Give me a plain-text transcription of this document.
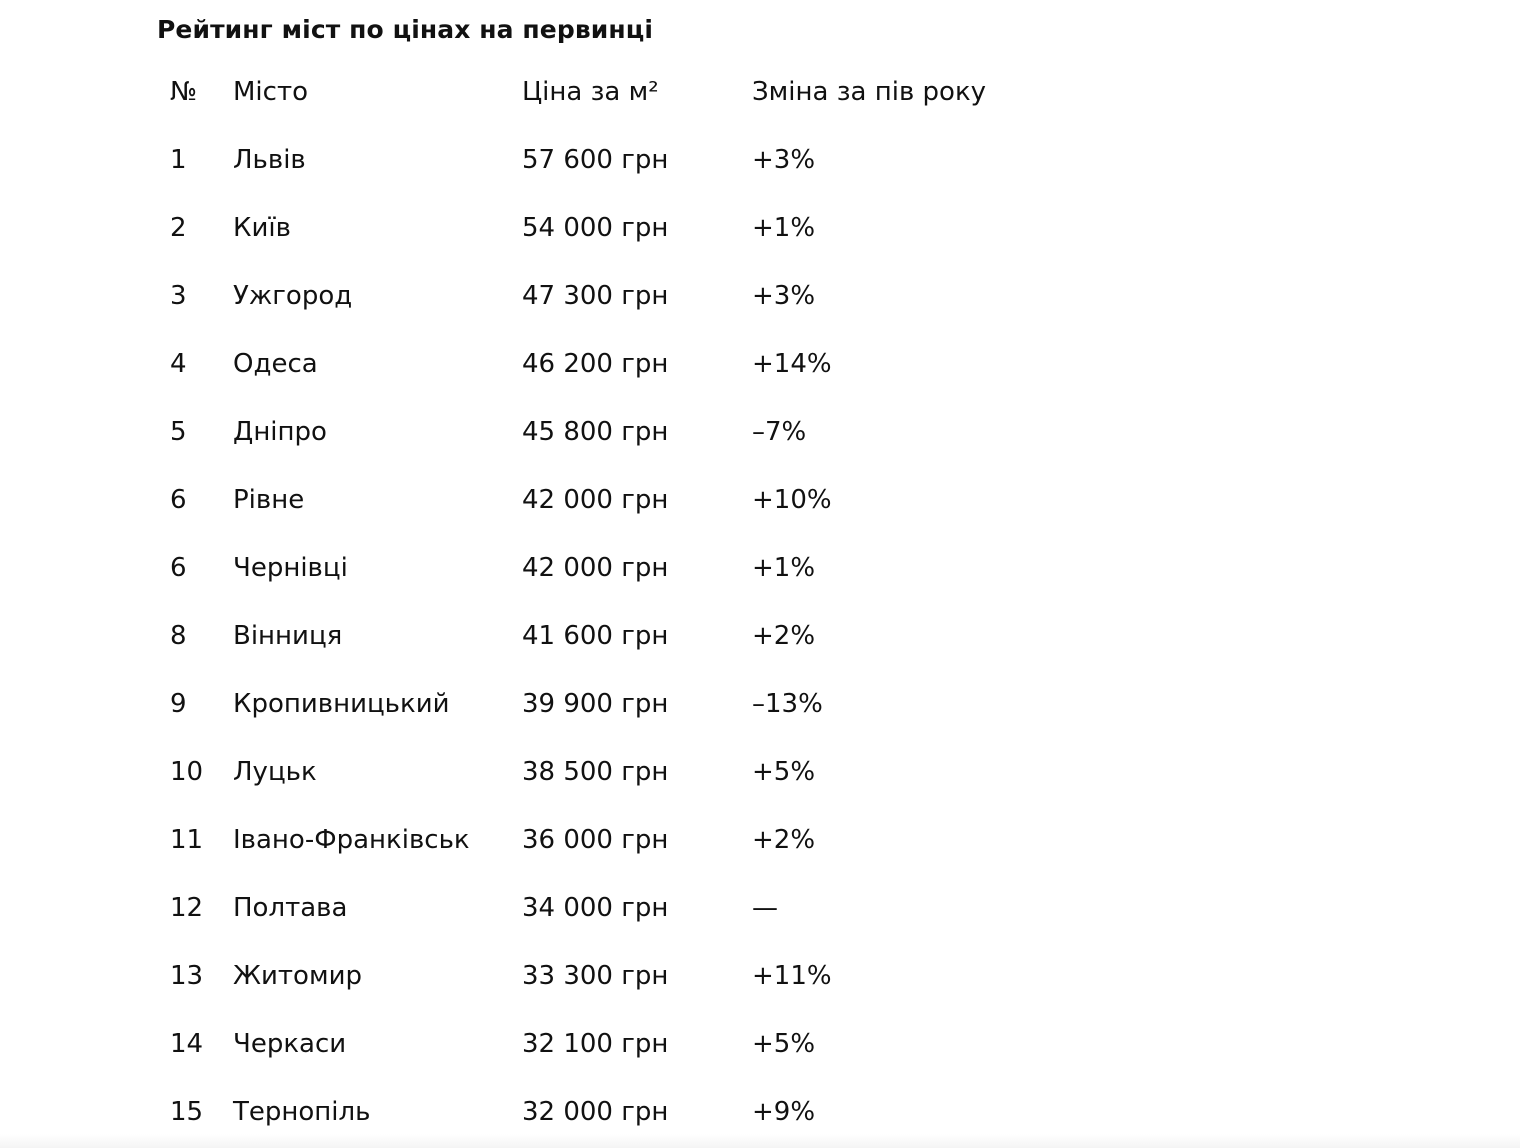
Рейтинг міст по цінах на первинці
№ Місто	Ціна за м²	Зміна за пів року
1 Львів	57 600 грн	+3%
2 Київ	54 000 грн	+1%
3 Ужгород	47 300 грн	+3%
4 Одеса	46 200 грн	+14%
5 Дніпро	45 800 грн	–7%
6 Рівне	42 000 грн	+10%
6 Чернівці	42 000 грн	+1%
8 Вінниця	41 600 грн	+2%
9 Кропивницький	39 900 грн	–13%
10 Луцьк	38 500 грн	+5%
11 Івано-Франківськ 36 000 грн	+2%
12 Полтава	34 000 грн	—
13 Житомир	33 300 грн	+11%
14 Черкаси	32 100 грн	+5%
15 Тернопіль	32 000 грн	+9%
